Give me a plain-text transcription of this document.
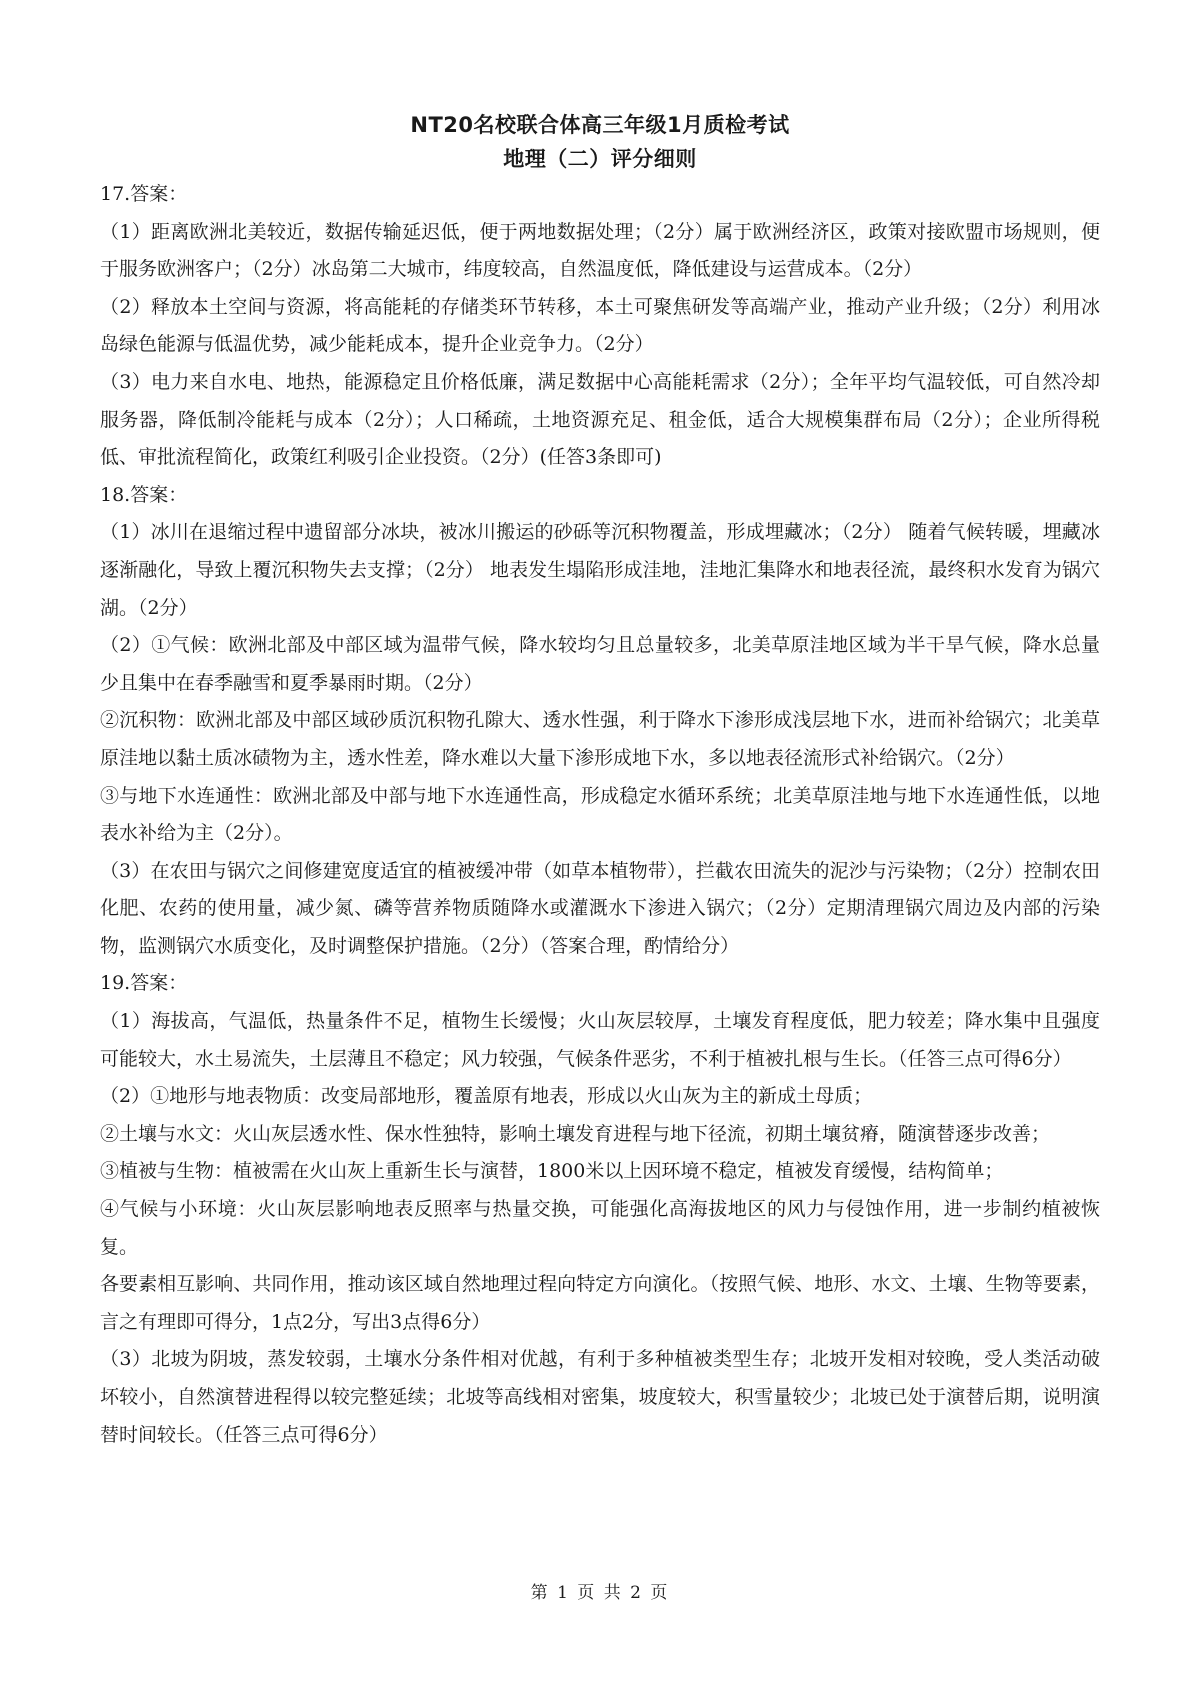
NT20名校联合体高三年级1月质检考试
地理（二）评分细则

17.答案：

（1）距离欧洲北美较近，数据传输延迟低，便于两地数据处理；（2分）属于欧洲经济区，政策对接欧盟市场规则，便于服务欧洲客户；（2分）冰岛第二大城市，纬度较高，自然温度低，降低建设与运营成本。（2分）

（2）释放本土空间与资源，将高能耗的存储类环节转移，本土可聚焦研发等高端产业，推动产业升级；（2分）利用冰岛绿色能源与低温优势，减少能耗成本，提升企业竞争力。（2分）

（3）电力来自水电、地热，能源稳定且价格低廉，满足数据中心高能耗需求（2分）；全年平均气温较低，可自然冷却服务器，降低制冷能耗与成本（2分）；人口稀疏，土地资源充足、租金低，适合大规模集群布局（2分）；企业所得税低、审批流程简化，政策红利吸引企业投资。（2分）(任答3条即可)

18.答案：

（1）冰川在退缩过程中遗留部分冰块，被冰川搬运的砂砾等沉积物覆盖，形成埋藏冰；（2分） 随着气候转暖，埋藏冰逐渐融化，导致上覆沉积物失去支撑；（2分） 地表发生塌陷形成洼地，洼地汇集降水和地表径流，最终积水发育为锅穴湖。（2分）

（2）①气候：欧洲北部及中部区域为温带气候，降水较均匀且总量较多，北美草原洼地区域为半干旱气候，降水总量少且集中在春季融雪和夏季暴雨时期。（2分）

②沉积物：欧洲北部及中部区域砂质沉积物孔隙大、透水性强，利于降水下渗形成浅层地下水，进而补给锅穴；北美草原洼地以黏土质冰碛物为主，透水性差，降水难以大量下渗形成地下水，多以地表径流形式补给锅穴。（2分）

③与地下水连通性：欧洲北部及中部与地下水连通性高，形成稳定水循环系统；北美草原洼地与地下水连通性低，以地表水补给为主（2分）。

（3）在农田与锅穴之间修建宽度适宜的植被缓冲带（如草本植物带），拦截农田流失的泥沙与污染物；（2分）控制农田化肥、农药的使用量，减少氮、磷等营养物质随降水或灌溉水下渗进入锅穴；（2分）定期清理锅穴周边及内部的污染物，监测锅穴水质变化，及时调整保护措施。（2分）（答案合理，酌情给分）

19.答案：

（1）海拔高，气温低，热量条件不足，植物生长缓慢；火山灰层较厚，土壤发育程度低，肥力较差；降水集中且强度可能较大，水土易流失，土层薄且不稳定；风力较强，气候条件恶劣，不利于植被扎根与生长。（任答三点可得6分）

（2）①地形与地表物质：改变局部地形，覆盖原有地表，形成以火山灰为主的新成土母质；

②土壤与水文：火山灰层透水性、保水性独特，影响土壤发育进程与地下径流，初期土壤贫瘠，随演替逐步改善；

③植被与生物：植被需在火山灰上重新生长与演替，1800米以上因环境不稳定，植被发育缓慢，结构简单；

④气候与小环境：火山灰层影响地表反照率与热量交换，可能强化高海拔地区的风力与侵蚀作用，进一步制约植被恢复。

各要素相互影响、共同作用，推动该区域自然地理过程向特定方向演化。（按照气候、地形、水文、土壤、生物等要素，言之有理即可得分，1点2分，写出3点得6分）

（3）北坡为阴坡，蒸发较弱，土壤水分条件相对优越，有利于多种植被类型生存；北坡开发相对较晚，受人类活动破坏较小，自然演替进程得以较完整延续；北坡等高线相对密集，坡度较大，积雪量较少；北坡已处于演替后期，说明演替时间较长。（任答三点可得6分）

第 1 页 共 2 页
